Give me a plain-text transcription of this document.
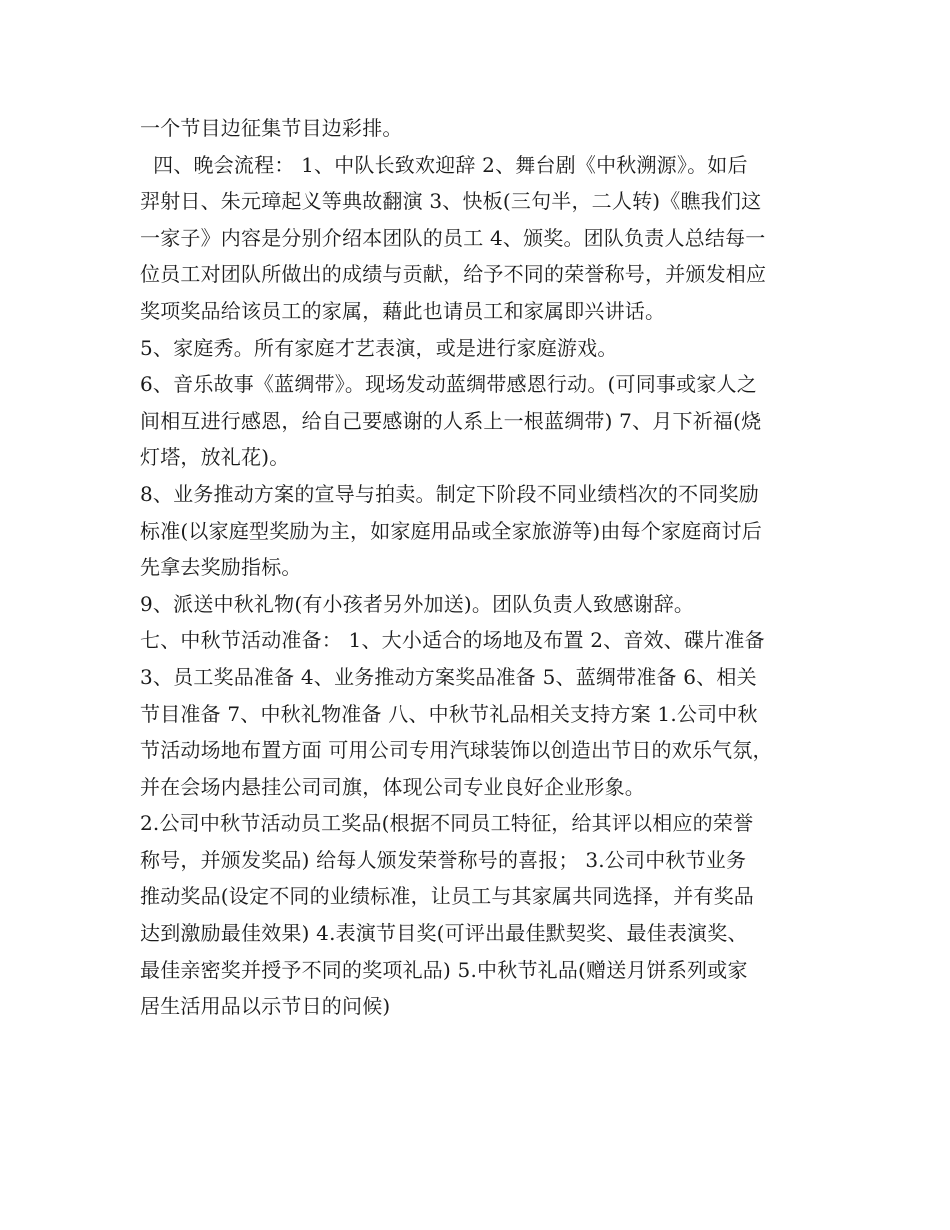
一个节目边征集节目边彩排。
四、晚会流程： 1、中队长致欢迎辞 2、舞台剧《中秋溯源》。如后
羿射日、朱元璋起义等典故翻演 3、快板(三句半，二人转)《瞧我们这
一家子》内容是分别介绍本团队的员工 4、颁奖。团队负责人总结每一
位员工对团队所做出的成绩与贡献，给予不同的荣誉称号，并颁发相应
奖项奖品给该员工的家属，藉此也请员工和家属即兴讲话。
5、家庭秀。所有家庭才艺表演，或是进行家庭游戏。
6、音乐故事《蓝绸带》。现场发动蓝绸带感恩行动。(可同事或家人之
间相互进行感恩，给自己要感谢的人系上一根蓝绸带) 7、月下祈福(烧
灯塔，放礼花)。
8、业务推动方案的宣导与拍卖。制定下阶段不同业绩档次的不同奖励
标准(以家庭型奖励为主，如家庭用品或全家旅游等)由每个家庭商讨后
先拿去奖励指标。
9、派送中秋礼物(有小孩者另外加送)。团队负责人致感谢辞。
七、中秋节活动准备： 1、大小适合的场地及布置 2、音效、碟片准备
3、员工奖品准备 4、业务推动方案奖品准备 5、蓝绸带准备 6、相关
节目准备 7、中秋礼物准备 八、中秋节礼品相关支持方案 1.公司中秋
节活动场地布置方面 可用公司专用汽球装饰以创造出节日的欢乐气氛，
并在会场内悬挂公司司旗，体现公司专业良好企业形象。
2.公司中秋节活动员工奖品(根据不同员工特征，给其评以相应的荣誉
称号，并颁发奖品) 给每人颁发荣誉称号的喜报； 3.公司中秋节业务
推动奖品(设定不同的业绩标准，让员工与其家属共同选择，并有奖品
达到激励最佳效果) 4.表演节目奖(可评出最佳默契奖、最佳表演奖、
最佳亲密奖并授予不同的奖项礼品) 5.中秋节礼品(赠送月饼系列或家
居生活用品以示节日的问候)
